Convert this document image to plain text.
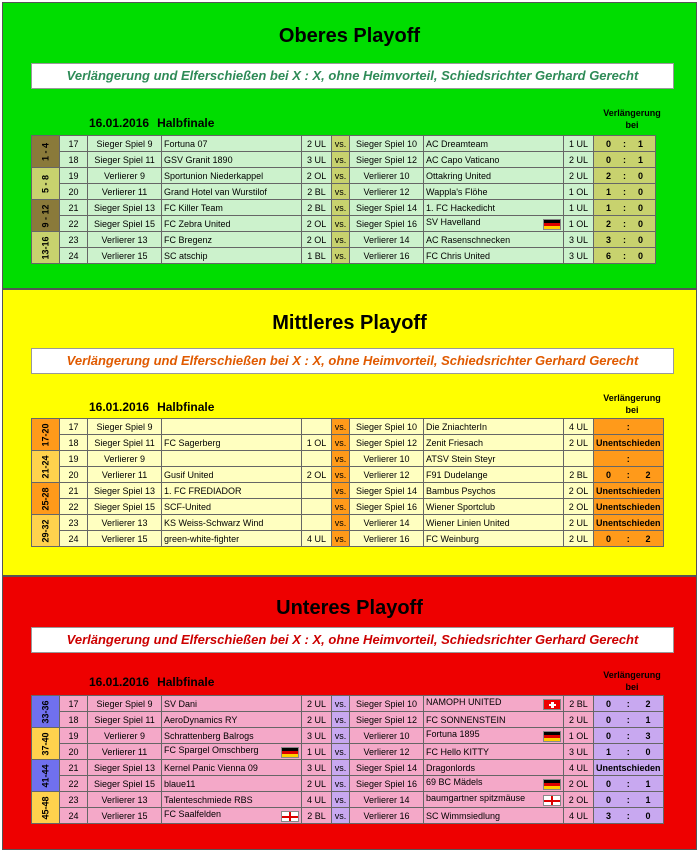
Oberes Playoff
Verlängerung und Elferschießen bei X : X, ohne Heimvorteil, Schiedsrichter Gerhard Gerecht
16.01.2016 Halbfinale
Verlängerung
bei
1 - 4	17	Sieger Spiel 9	Fortuna 07	2 UL	vs.	Sieger Spiel 10	AC Dreamteam	1 UL	0 : 1

	18	Sieger Spiel 11	GSV Granit 1890	3 UL	vs.	Sieger Spiel 12	AC Capo Vaticano	2 UL	0 : 1

5 - 8	19	Verlierer 9	Sportunion Niederkappel	2 OL	vs.	Verlierer 10	Ottakring United	2 UL	2 : 0

	20	Verlierer 11	Grand Hotel van Wurstilof	2 BL	vs.	Verlierer 12	Wappla's Flöhe	1 OL	1 : 0

9 - 12	21	Sieger Spiel 13	FC Killer Team	2 BL	vs.	Sieger Spiel 14	1. FC Hackedicht	1 UL	1 : 0

	22	Sieger Spiel 15	FC Zebra United	2 OL	vs.	Sieger Spiel 16	SV Havelland	1 OL	2 : 0

13-16	23	Verlierer 13	FC Bregenz	2 OL	vs.	Verlierer 14	AC Rasenschnecken	3 UL	3 : 0

	24	Verlierer 15	SC atschip	1 BL	vs.	Verlierer 16	FC Chris United	3 UL	6 : 0
Mittleres Playoff
Verlängerung und Elferschießen bei X : X, ohne Heimvorteil, Schiedsrichter Gerhard Gerecht
16.01.2016 Halbfinale
Verlängerung
bei
17-20	17	Sieger Spiel 9			vs.	Sieger Spiel 10	Die ZniachterIn	4 UL	:

	18	Sieger Spiel 11	FC Sagerberg	1 OL	vs.	Sieger Spiel 12	Zenit Friesach	2 UL	Unentschieden

21-24	19	Verlierer 9			vs.	Verlierer 10	ATSV Stein Steyr		:

	20	Verlierer 11	Gusif United	2 OL	vs.	Verlierer 12	F91 Dudelange	2 BL	0 : 2

25-28	21	Sieger Spiel 13	1. FC FREDIADOR		vs.	Sieger Spiel 14	Bambus Psychos	2 OL	Unentschieden
	22	Sieger Spiel 15	SCF-United		vs.	Sieger Spiel 16	Wiener Sportclub	2 OL	Unentschieden

29-32	23	Verlierer 13	KS Weiss-Schwarz Wind		vs.	Verlierer 14	Wiener Linien United	2 UL	Unentschieden
	24	Verlierer 15	green-white-fighter	4 UL	vs.	Verlierer 16	FC Weinburg	2 UL	0 : 2
Unteres Playoff
Verlängerung und Elferschießen bei X : X, ohne Heimvorteil, Schiedsrichter Gerhard Gerecht
16.01.2016 Halbfinale	Verlängerung
bei
33-36	17	Sieger Spiel 9	SV Dani	2 UL	vs.	Sieger Spiel 10	NAMOPH UNITED	2 BL	0 : 2

	18	Sieger Spiel 11	AeroDynamics RY	2 UL	vs.	Sieger Spiel 12	FC SONNENSTEIN	2 UL	0 : 1

37-40	19	Verlierer 9	Schrattenberg Balrogs	3 UL	vs.	Verlierer 10	Fortuna 1895	1 OL	0 : 3

	20	Verlierer 11	FC Spargel Omschberg	1 UL	vs.	Verlierer 12	FC Hello KITTY	3 UL	1 : 0

41-44	21	Sieger Spiel 13	Kernel Panic Vienna 09	3 UL	vs.	Sieger Spiel 14	Dragonlords	4 UL	Unentschieden
	22	Sieger Spiel 15	blaue11	2 UL	vs.	Sieger Spiel 16	69 BC Mädels	2 OL	0 : 1

45-48	23	Verlierer 13	Talenteschmiede RBS	4 UL	vs.	Verlierer 14	baumgartner spitzmäuse	2 OL	0 : 1

	24	Verlierer 15	FC Saalfelden	2 BL	vs.	Verlierer 16	SC Wimmsiedlung	4 UL	3 : 0
